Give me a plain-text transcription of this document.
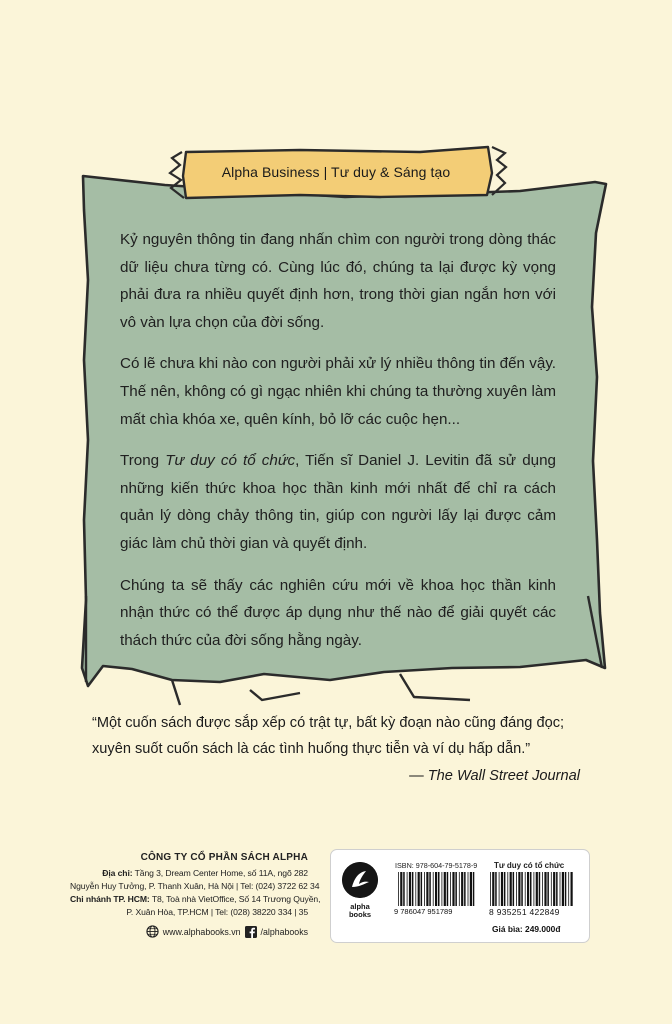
Alpha Business | Tư duy & Sáng tạo

Kỷ nguyên thông tin đang nhấn chìm con người trong dòng thác dữ liệu chưa từng có. Cùng lúc đó, chúng ta lại được kỳ vọng phải đưa ra nhiều quyết định hơn, trong thời gian ngắn hơn với vô vàn lựa chọn của đời sống.

Có lẽ chưa khi nào con người phải xử lý nhiều thông tin đến vậy. Thế nên, không có gì ngạc nhiên khi chúng ta thường xuyên làm mất chìa khóa xe, quên kính, bỏ lỡ các cuộc hẹn...

Trong Tư duy có tổ chức, Tiến sĩ Daniel J. Levitin đã sử dụng những kiến thức khoa học thần kinh mới nhất để chỉ ra cách quản lý dòng chảy thông tin, giúp con người lấy lại được cảm giác làm chủ thời gian và quyết định.

Chúng ta sẽ thấy các nghiên cứu mới về khoa học thần kinh nhận thức có thể được áp dụng như thế nào để giải quyết các thách thức của đời sống hằng ngày.

“Một cuốn sách được sắp xếp có trật tự, bất kỳ đoạn nào cũng đáng đọc; xuyên suốt cuốn sách là các tình huống thực tiễn và ví dụ hấp dẫn.”
— The Wall Street Journal
CÔNG TY CỔ PHẦN SÁCH ALPHA
Địa chỉ: Tầng 3, Dream Center Home, số 11A, ngõ 282
Nguyễn Huy Tưởng, P. Thanh Xuân, Hà Nội | Tel: (024) 3722 62 34
Chi nhánh TP. HCM: T8, Toà nhà VietOffice, Số 14 Trương Quyền,
P. Xuân Hòa, TP.HCM | Tel: (028) 38220 334 | 35
www.alphabooks.vn /alphabooks
alpha
books
ISBN: 978-604-79-5178-9 Tư duy có tổ chức
9 786047 951789	8 935251 422849
Giá bìa: 249.000đ
